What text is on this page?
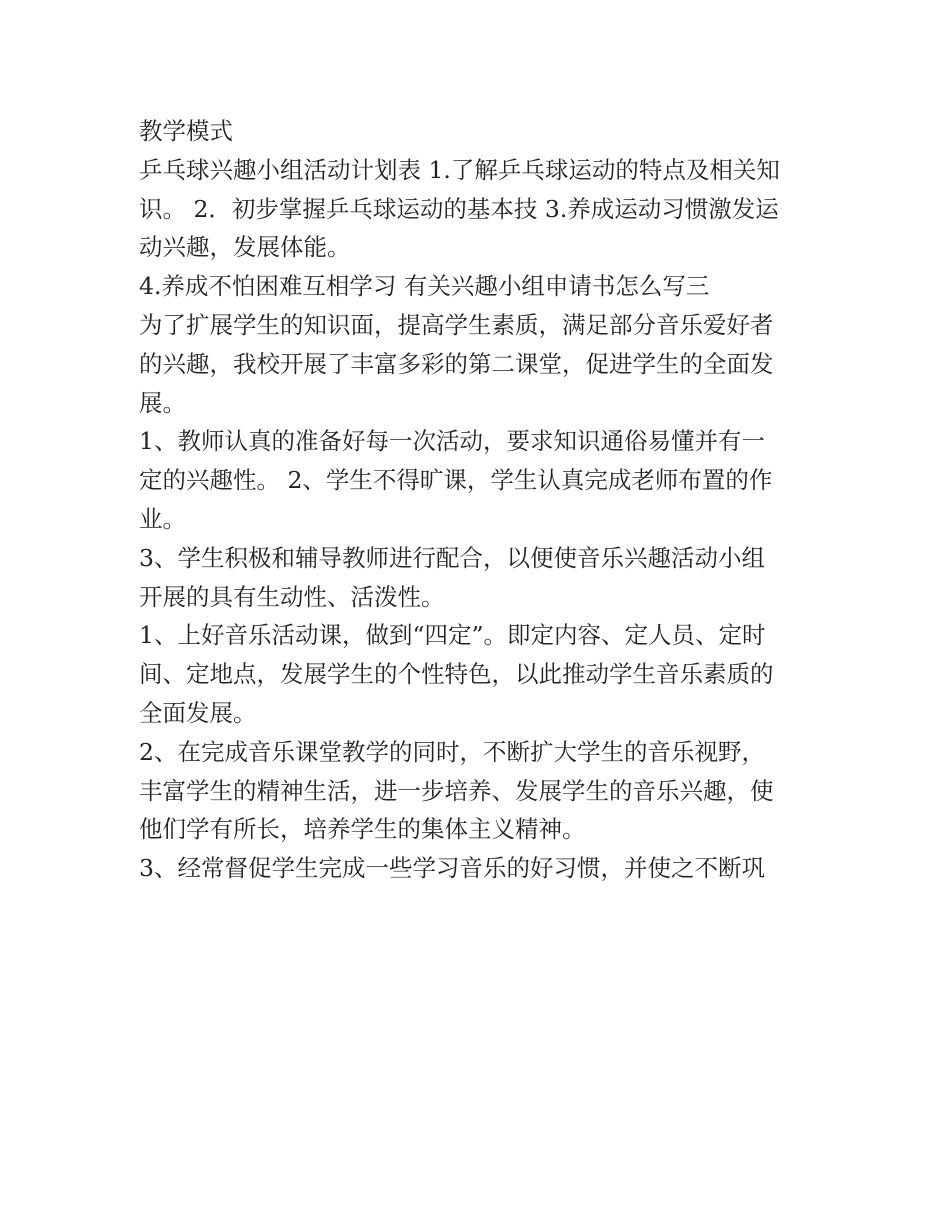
教学模式
乒乓球兴趣小组活动计划表 1.了解乒乓球运动的特点及相关知
识。 2．初步掌握乒乓球运动的基本技 3.养成运动习惯激发运
动兴趣，发展体能。
4.养成不怕困难互相学习 有关兴趣小组申请书怎么写三
为了扩展学生的知识面，提高学生素质，满足部分音乐爱好者
的兴趣，我校开展了丰富多彩的第二课堂，促进学生的全面发
展。
1、教师认真的准备好每一次活动，要求知识通俗易懂并有一
定的兴趣性。 2、学生不得旷课，学生认真完成老师布置的作
业。
3、学生积极和辅导教师进行配合，以便使音乐兴趣活动小组
开展的具有生动性、活泼性。
1、上好音乐活动课，做到“四定”。即定内容、定人员、定时
间、定地点，发展学生的个性特色，以此推动学生音乐素质的
全面发展。
2、在完成音乐课堂教学的同时，不断扩大学生的音乐视野，
丰富学生的精神生活，进一步培养、发展学生的音乐兴趣，使
他们学有所长，培养学生的集体主义精神。
3、经常督促学生完成一些学习音乐的好习惯，并使之不断巩
